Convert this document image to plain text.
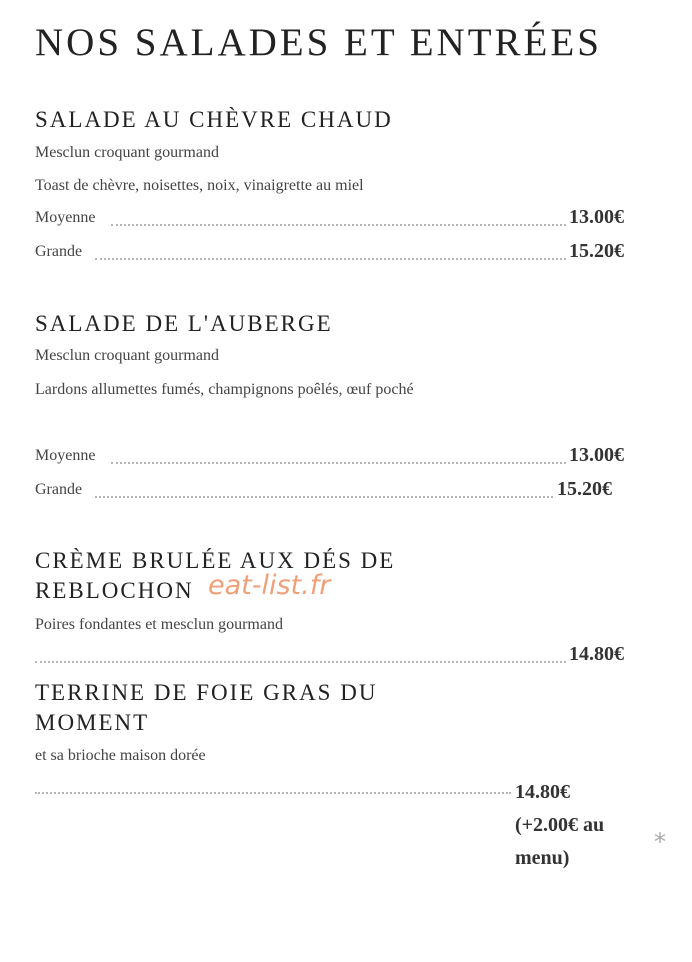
NOS SALADES ET ENTRÉES
SALADE AU CHÈVRE CHAUD
Mesclun croquant gourmand
Toast de chèvre, noisettes, noix, vinaigrette au miel
Moyenne	13.00€
Grande	15.20€
SALADE DE L'AUBERGE
Mesclun croquant gourmand
Lardons allumettes fumés, champignons poêlés, œuf poché
Moyenne	13.00€
Grande	15.20€
CRÈME BRULÉE AUX DÉS DE
REBLOCHON eat-list.fr
Poires fondantes et mesclun gourmand
14.80€
TERRINE DE FOIE GRAS DU
MOMENT
et sa brioche maison dorée
14.80€
(+2.00€ au
menu)
*
